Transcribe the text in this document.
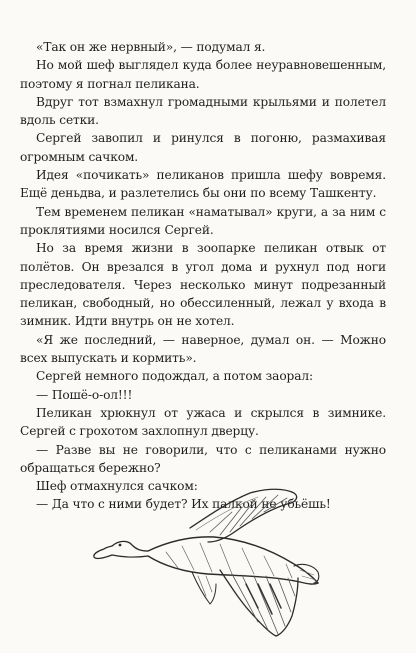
«Так он же нервный», — подумал я.

Но мой шеф выглядел куда более неуравновешенным, поэтому я погнал пеликана.

Вдруг тот взмахнул громадными крыльями и полетел вдоль сетки.

Сергей завопил и ринулся в погоню, размахивая огромным сачком.

Идея «почикать» пеликанов пришла шефу вовремя. Ещё деньдва, и разлетелись бы они по всему Ташкенту.

Тем временем пеликан «наматывал» круги, а за ним с проклятиями носился Сергей.

Но за время жизни в зоопарке пеликан отвык от полётов. Он врезался в угол дома и рухнул под ноги преследователя. Через несколько минут подрезанный пеликан, свободный, но обессиленный, лежал у входа в зимник. Идти внутрь он не хотел.

«Я же последний, — наверное, думал он. — Можно всех выпускать и кормить».

Сергей немного подождал, а потом заорал:

— Пошё-о-ол!!!

Пеликан хрюкнул от ужаса и скрылся в зимнике. Сергей с грохотом захлопнул дверцу.

— Разве вы не говорили, что с пеликанами нужно обращаться бережно?

Шеф отмахнулся сачком:

— Да что с ними будет? Их палкой не убьёшь!
